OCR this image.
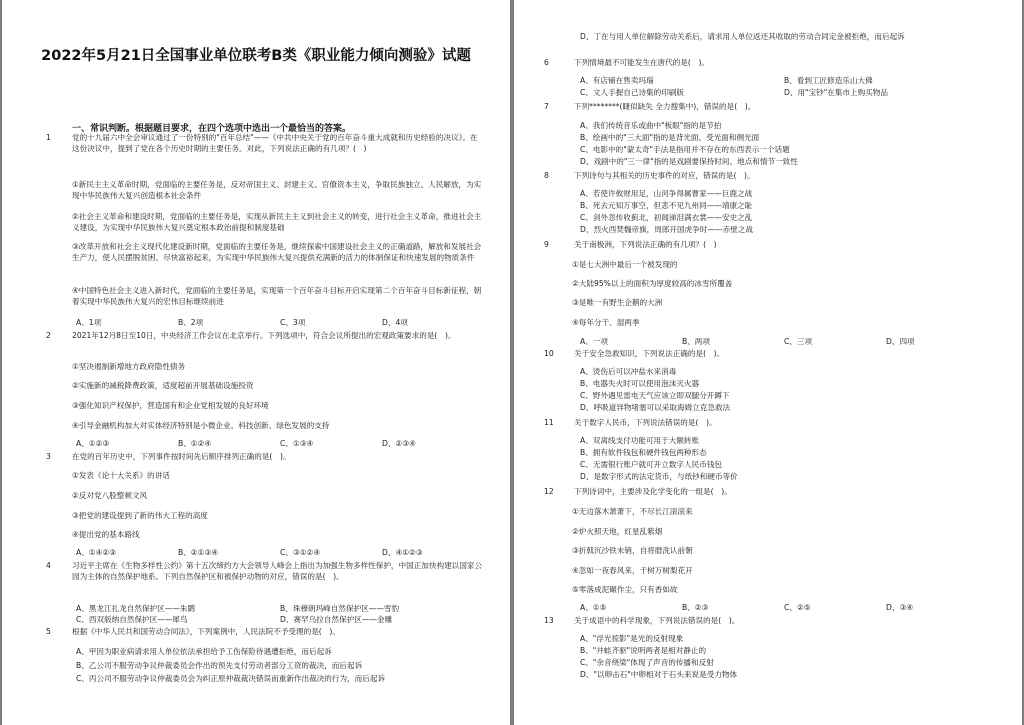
2022年5月21日全国事业单位联考B类《职业能力倾向测验》试题
一、常识判断。根据题目要求，在四个选项中选出一个最恰当的答案。
1	党的十九届六中全会审议通过了一份特别的"百年总结"——《中共中央关于党的百年奋斗重大成就和历史经验的决议》。在这份决议中，提到了党在各个历史时期的主要任务。对此，下列说法正确的有几项？(　)
①新民主主义革命时期，党面临的主要任务是，反对帝国主义、封建主义、官僚资本主义，争取民族独立、人民解放，为实现中华民族伟大复兴创造根本社会条件
②社会主义革命和建设时期，党面临的主要任务是，实现从新民主主义到社会主义的转变，进行社会主义革命，推进社会主义建设，为实现中华民族伟大复兴奠定根本政治前提和制度基础
③改革开放和社会主义现代化建设新时期，党面临的主要任务是，继续探索中国建设社会主义的正确道路，解放和发展社会生产力，使人民摆脱贫困、尽快富裕起来，为实现中华民族伟大复兴提供充满新的活力的体制保证和快速发展的物质条件
④中国特色社会主义进入新时代，党面临的主要任务是，实现第一个百年奋斗目标开启实现第二个百年奋斗目标新征程，朝着实现中华民族伟大复兴的宏伟目标继续前进
A、1项	B、2项	C、3项	D、4项
2	2021年12月8日至10日，中央经济工作会议在北京举行。下列选项中，符合会议所提出的宏观政策要求的是(　)。
①坚决遏制新增地方政府隐性债务
②实施新的减税降费政策，适度超前开展基础设施投资
③强化知识产权保护，营造国有和企业党相发展的良好环境
④引导金融机构加大对实体经济特别是小微企业、科技创新、绿色发展的支持
A、①②③	B、①②④	C、①③④	D、②③④
3	在党的百年历史中，下列事件按时间先后顺序排列正确的是(　)。
①发表《论十大关系》的讲话
②反对党八股整顿文风
③把党的建设提到了新的伟大工程的高度
④提出党的基本路线
A、①④②③	B、②①③④	C、③①②④	D、④①②③
4	习近平主席在《生物多样性公约》第十五次缔约方大会领导人峰会上指出为加强生物多样性保护，中国正加快构建以国家公园为主体的自然保护地系。下列自然保护区和被保护动物的对应，错误的是(　)。
A、黑龙江扎龙自然保护区——朱鹮	B、珠穆朗玛峰自然保护区——雪豹
C、西双版纳自然保护区——犀鸟	D、赛罕乌拉自然保护区——金雕
5	根据《中华人民共和国劳动合同法》，下列案例中，人民法院不予受理的是(　)。
A、甲因为职业病请求用人单位依法承担给予工伤保险待遇遭拒绝，而后起诉
B、乙公司不服劳动争议仲裁委员会作出的预先支付劳动者部分工资的裁决，而后起诉
C、丙公司不服劳动争议仲裁委员会为纠正原仲裁裁决错误而重新作出裁决的行为，而后起诉
D、丁在与用人单位解除劳动关系后，请求用人单位返还其收取的劳动合同定金被拒绝，而后起诉
6	下列情境最不可能发生在唐代的是(　)。
A、有店铺在售卖玛瑙	B、看到工匠修造乐山大佛
C、文人手握自己诗集的印刷版	D、用"宝钞"在集市上购买物品
7	下列********(睫似缺失 全力搜集中)，错误的是(　)。
A、我们传统音乐或曲中"板眼"指的是节拍
B、绘画中的"三大面"指的是背光面、受光面和侧光面
C、电影中的"蒙太奇"手法是指用并不存在的东西表示一个话题
D、戏剧中的"三一律"指的是戏剧要保持时间、地点和情节一致性
8	下列诗句与其相关的历史事件的对应，错误的是(　)。
A、若使许攸财用足，山河争得属曹家——巨鹿之战
B、死去元知万事空，但悲不见九州同——靖康之耻
C、剑外忽传收蓟北，初闻涕泪满衣裳——安史之乱
D、烈火西焚魏帝旗，周郎开国虎争时——赤壁之战
9	关于南极洲，下列说法正确的有几项？(　)
①是七大洲中最后一个被发现的
②大陆95%以上的面积为厚度较高的冰雪所覆盖
③是唯一有野生企鹅的大洲
④每年分干、湿两季
A、一项	B、两项	C、三项	D、四项
10	关于安全急救知识，下列说法正确的是(　)。
A、烫伤后可以冲盐水来消毒
B、电器失火时可以使用泡沫灭火器
C、野外遇见雷电天气应该立即双腿分开蹲下
D、呼吸道异物堵塞可以采取海姆立克急救法
11	关于数字人民币，下列说法错误的是(　)。
A、双离线支付功能可用于大额转账
B、拥有软件钱包和硬件钱包两种形态
C、无需银行账户就可开立数字人民币钱包
D、是数字形式的法定货币，与纸钞和硬币等价
12	下列诗词中，主要涉及化学变化的一组是(　)。
①无边落木萧萧下，不尽长江滚滚来
②炉火照天地，红星乱紫烟
③折戟沉沙铁未销，自将磨洗认前朝
④忽如一夜春风来，千树万树梨花开
⑤零落成泥碾作尘，只有香如故
A、①⑤	B、②③	C、②⑤	D、③④
13	关于成语中的科学现象，下列说法错误的是(　)。
A、"浮光掠影"是光的反射现象
B、"井蛙齐驱"说明两者是相对静止的
C、"余音绕梁"体现了声音的传播和反射
D、"以卵击石"中卵相对于石头来说是受力物体
